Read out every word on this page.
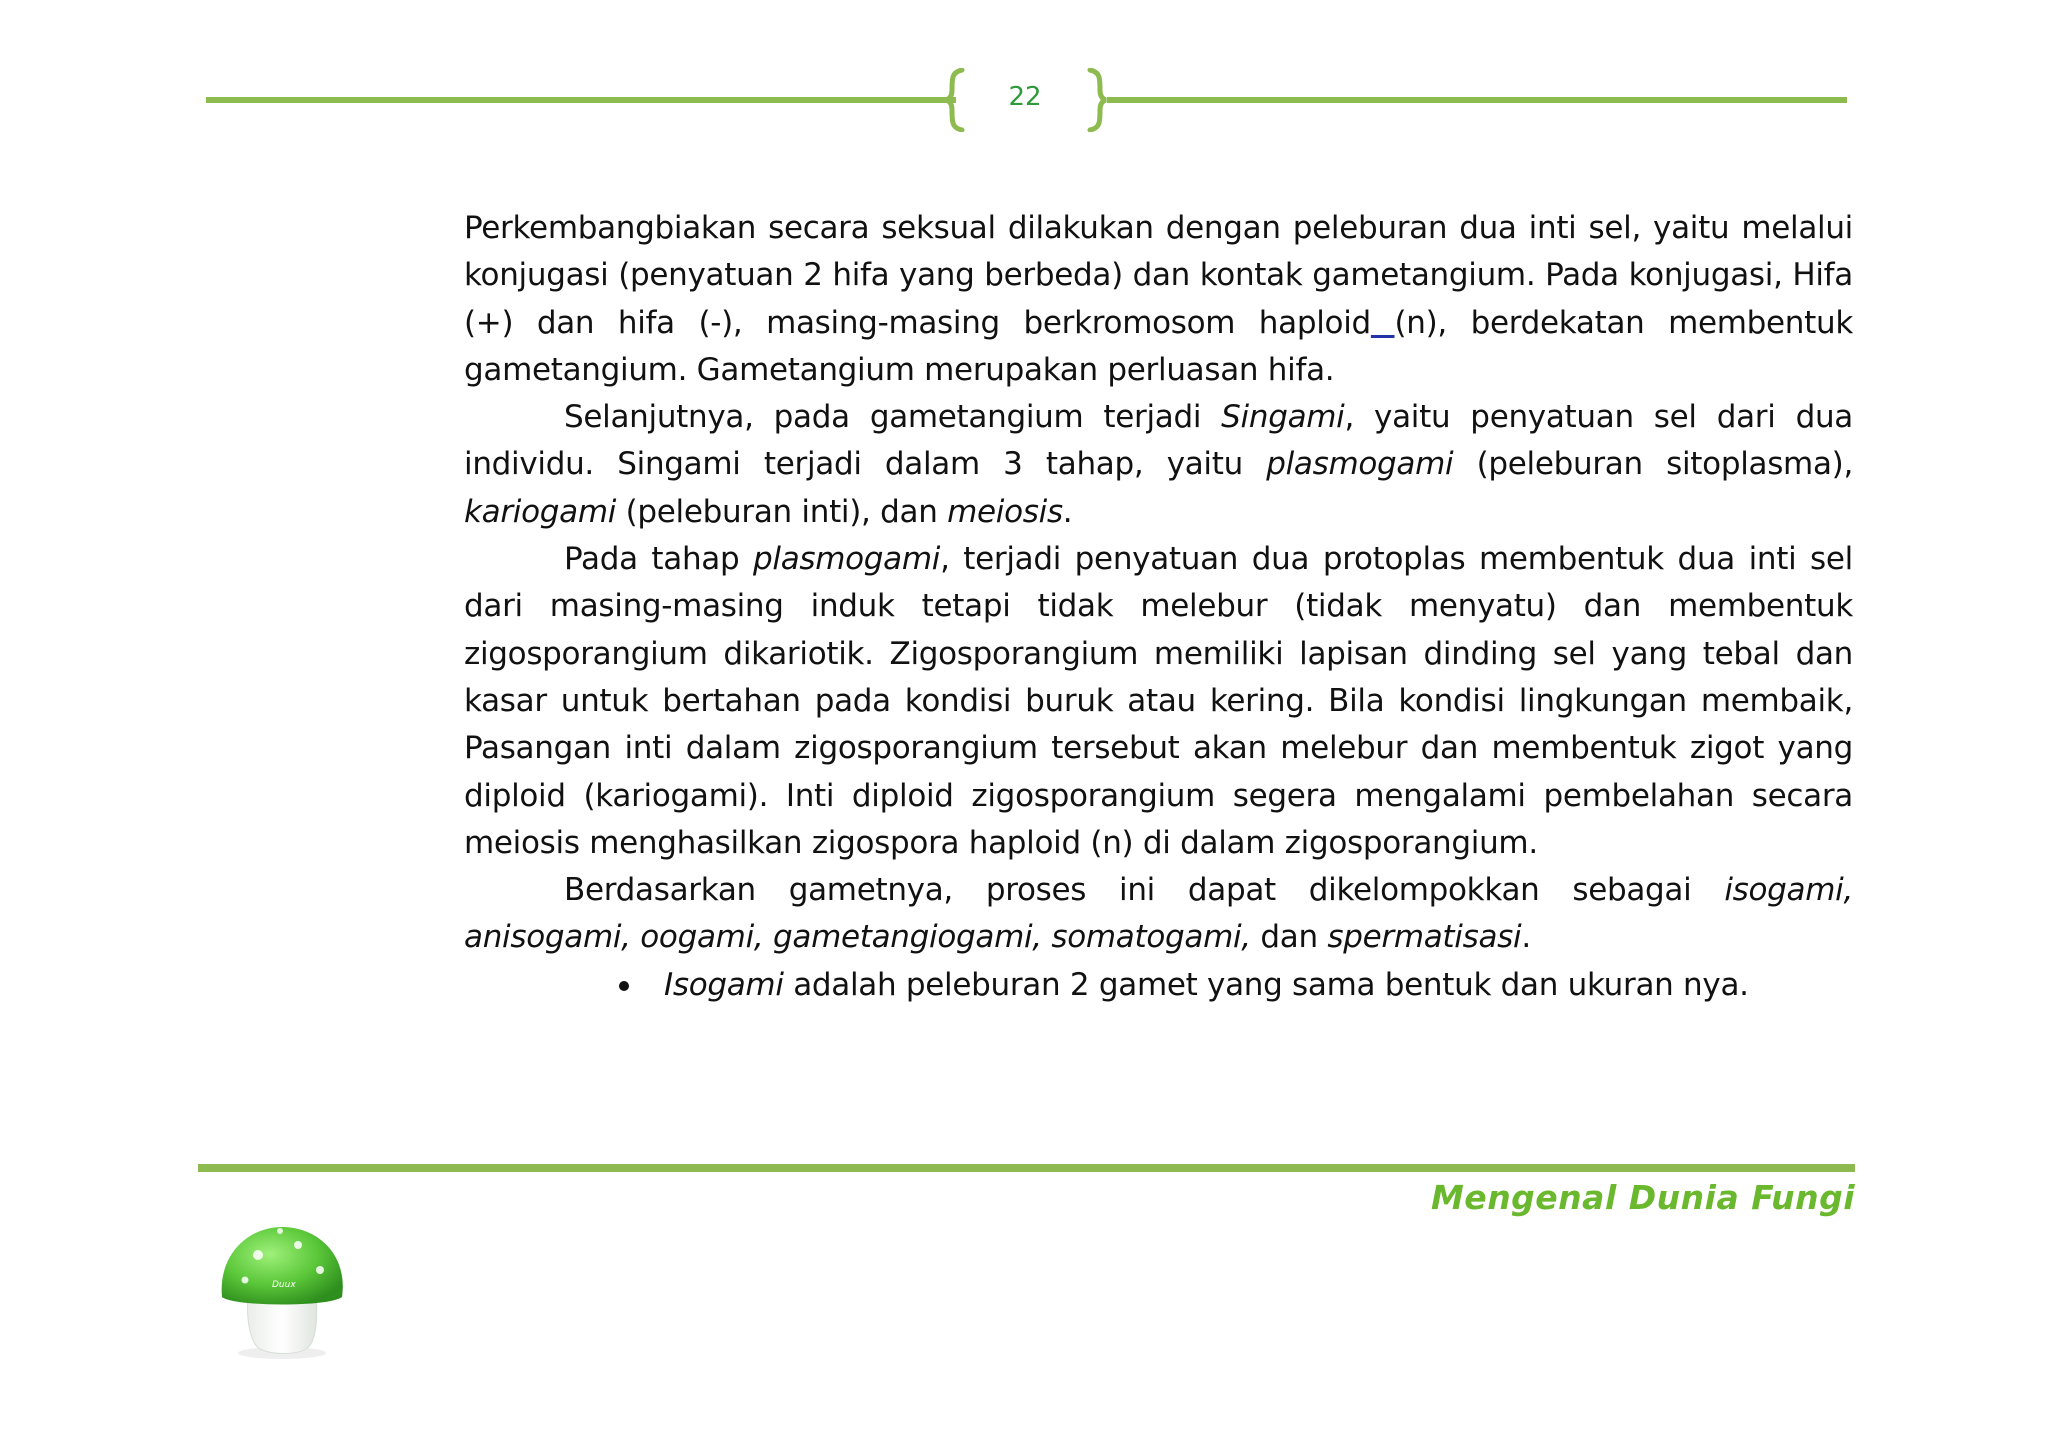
22

Perkembangbiakan secara seksual dilakukan dengan peleburan dua inti sel, yaitu melalui konjugasi (penyatuan 2 hifa yang berbeda) dan kontak gametangium. Pada konjugasi, Hifa (+) dan hifa (-), masing-masing berkromosom haploid (n), berdekatan membentuk gametangium. Gametangium merupakan perluasan hifa.

Selanjutnya, pada gametangium terjadi Singami, yaitu penyatuan sel dari dua individu. Singami terjadi dalam 3 tahap, yaitu plasmogami (peleburan sitoplasma), kariogami (peleburan inti), dan meiosis.

Pada tahap plasmogami, terjadi penyatuan dua protoplas membentuk dua inti sel dari masing-masing induk tetapi tidak melebur (tidak menyatu) dan membentuk zigosporangium dikariotik. Zigosporangium memiliki lapisan dinding sel yang tebal dan kasar untuk bertahan pada kondisi buruk atau kering. Bila kondisi lingkungan membaik, Pasangan inti dalam zigosporangium tersebut akan melebur dan membentuk zigot yang diploid (kariogami). Inti diploid zigosporangium segera mengalami pembelahan secara meiosis menghasilkan zigospora haploid (n) di dalam zigosporangium.

Berdasarkan gametnya, proses ini dapat dikelompokkan sebagai isogami, anisogami, oogami, gametangiogami, somatogami, dan spermatisasi.

Isogami adalah peleburan 2 gamet yang sama bentuk dan ukuran nya.
Mengenal Dunia Fungi
Duux
